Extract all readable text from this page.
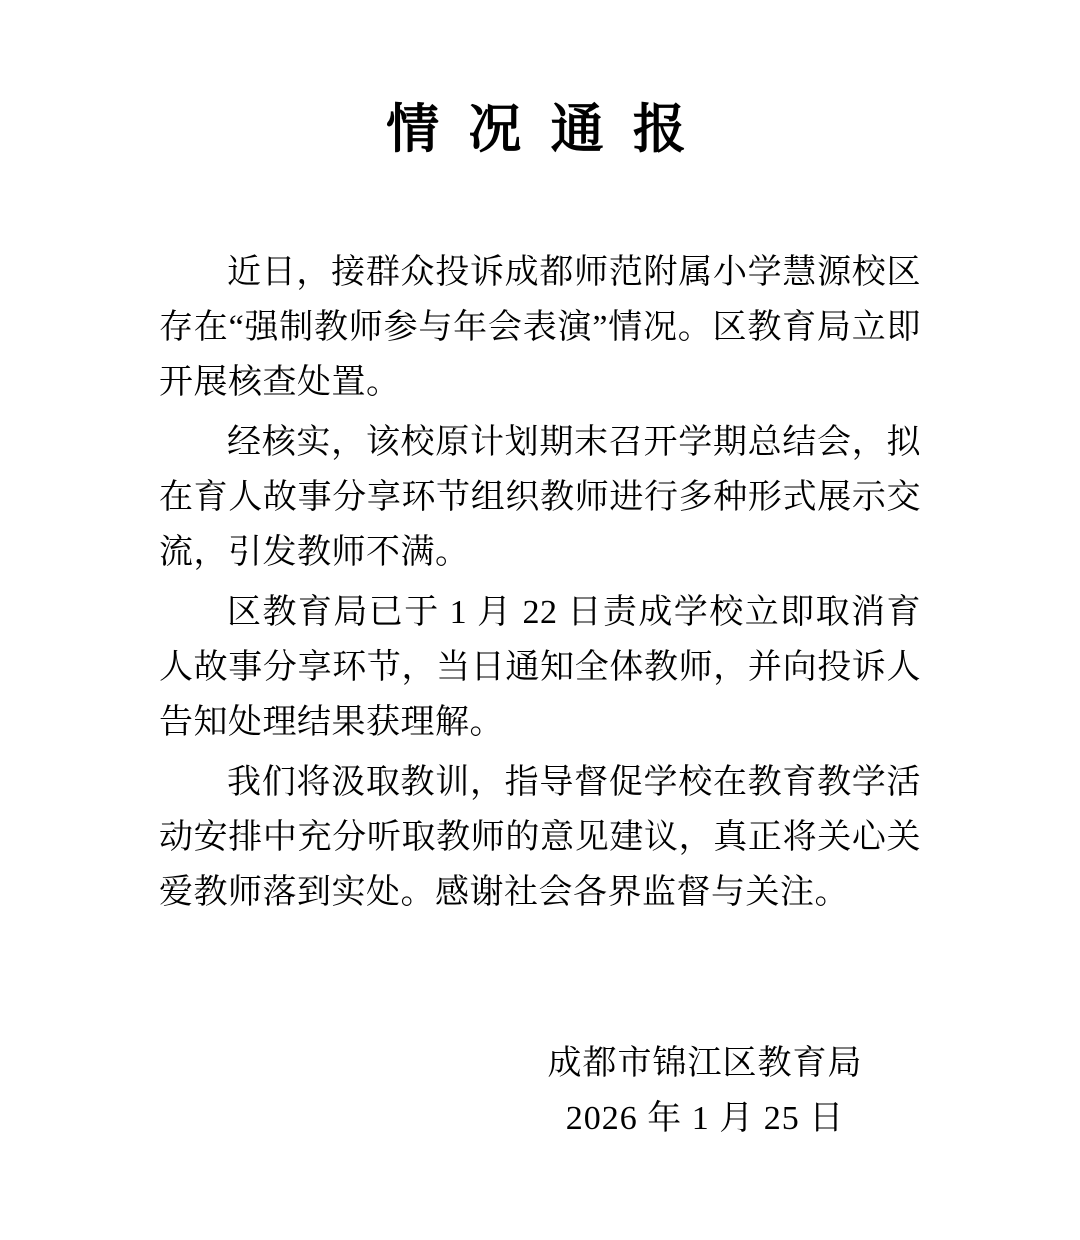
情 况 通 报

近日，接群众投诉成都师范附属小学慧源校区存在“强制教师参与年会表演”情况。区教育局立即开展核查处置。

经核实，该校原计划期末召开学期总结会，拟在育人故事分享环节组织教师进行多种形式展示交流，引发教师不满。

区教育局已于 1 月 22 日责成学校立即取消育人故事分享环节，当日通知全体教师，并向投诉人告知处理结果获理解。

我们将汲取教训，指导督促学校在教育教学活动安排中充分听取教师的意见建议，真正将关心关爱教师落到实处。感谢社会各界监督与关注。

成都市锦江区教育局
2026 年 1 月 25 日
